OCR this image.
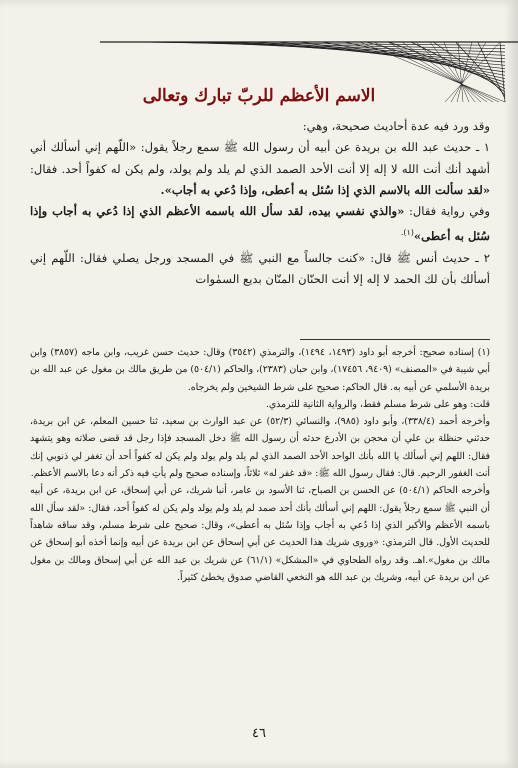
الاسم الأعظم للربّ تبارك وتعالى

وقد ورد فيه عدة أحاديث صحيحة، وهي:

١ ـ حديث عبد الله بن بريدة عن أبيه أن رسول الله ﷺ سمع رجلاً يقول: «اللّهم إني أسألك أني أشهد أنك أنت الله لا إله إلا أنت الأحد الصمد الذي لم يلد ولم يولد، ولم يكن له كفواً أحد. فقال: «لقد سألت الله بالاسم الذي إذا سُئل به أعطى، وإذا دُعي به أجاب».

وفي رواية فقال: «والذي نفسي بيده، لقد سأل الله باسمه الأعظم الذي إذا دُعي به أجاب وإذا سُئل به أعطى»$^{(١).}$

٢ ـ حديث أنس ﷺ قال: «كنت جالساً مع النبي ﷺ في المسجد ورجل يصلي فقال: اللّهم إني أسألك بأن لك الحمد لا إله إلا أنت الحنّان المنّان بديع السمٰوات

(١) إسناده صحيح: أخرجه أبو داود (١٤٩٣، ١٤٩٤)، والترمذي (٣٥٤٢) وقال: حديث حسن غريب، وابن ماجه (٣٨٥٧) وابن أبي شيبة في «المصنف» (٩٤٠٩، ١٧٤٥٦)، وابن حبان (٢٣٨٣)، والحاكم (٥٠٤/١) من طريق مالك بن مغول عن عبد الله بن بريدة الأسلمي عن أبيه به. قال الحاكم: صحيح على شرط الشيخين ولم يخرجاه.

قلت: وهو على شرط مسلم فقط، والرواية الثانية للترمذي.

وأخرجه أحمد (٣٣٨/٤)، وأبو داود (٩٨٥)، والنسائي (٥٢/٣) عن عبد الوارث بن سعيد، ثنا حسين المعلم، عن ابن بريدة، حدثني حنظلة بن علي أن محجن بن الأدرع حدثه أن رسول الله ﷺ دخل المسجد فإذا رجل قد قضى صلاته وهو يتشهد فقال: اللهم إني أسألك يا الله بأنك الواحد الأحد الصمد الذي لم يلد ولم يولد ولم يكن له كفواً أحد أن تغفر لي ذنوبي إنك أنت الغفور الرحيم. قال: فقال رسول الله ﷺ: «قد غفر له» ثلاثاً، وإسناده صحيح ولم يأتِ فيه ذكر أنه دعا بالاسم الأعظم.

وأخرجه الحاكم (٥٠٤/١) عن الحسن بن الصباح، ثنا الأسود بن عامر، أنبا شريك، عن أبي إسحاق، عن ابن بريدة، عن أبيه أن النبي ﷺ سمع رجلاً يقول: اللهم إني أسألك بأنك أحد صمد لم يلد ولم يولد ولم يكن له كفواً أحد، فقال: «لقد سأل الله باسمه الأعظم والأكبر الذي إذا دُعي به أجاب وإذا سُئل به أعطى»، وقال: صحيح على شرط مسلم، وقد ساقه شاهداً للحديث الأول. قال الترمذي: «وروى شريك هذا الحديث عن أبي إسحاق عن ابن بريدة عن أبيه وإنما أخذه أبو إسحاق عن مالك بن مغول».اهـ. وقد رواه الطحاوي في «المشكل» (٦١/١) عن شريك بن عبد الله عن أبي إسحاق ومالك بن مغول عن ابن بريدة عن أبيه، وشريك بن عبد الله هو النخعي القاضي صدوق يخطئ كثيراً.

٤٦
